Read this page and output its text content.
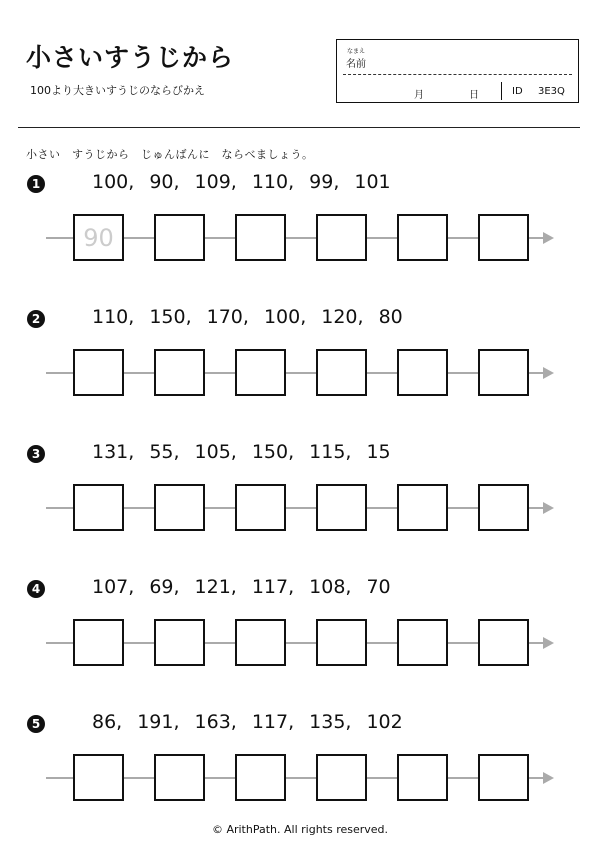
小さいすうじから
100より大きいすうじのならびかえ
なまえ
名前
月	日	ID 3E3Q
小さい　すうじから　じゅんばんに　ならべましょう。
1	100, 90, 109, 110, 99, 101
90
2	110, 150, 170, 100, 120, 80
3	131, 55, 105, 150, 115, 15
4	107, 69, 121, 117, 108, 70
5	86, 191, 163, 117, 135, 102
© ArithPath. All rights reserved.
